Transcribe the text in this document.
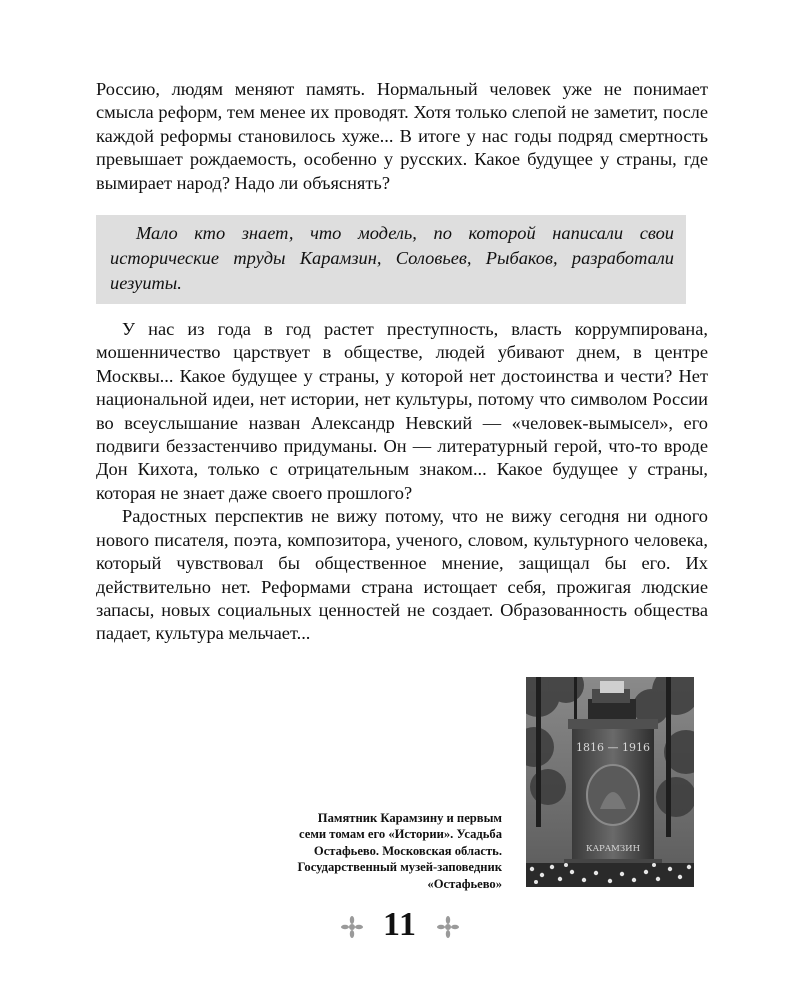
Россию, людям меняют память. Нормальный человек уже не понимает смысла реформ, тем менее их проводят. Хотя только слепой не заметит, после каждой реформы становилось хуже... В итоге у нас годы подряд смертность превышает рождаемость, особенно у русских. Какое будущее у страны, где вымирает народ? Надо ли объяснять?

Мало кто знает, что модель, по которой написали свои исторические труды Карамзин, Соловьев, Рыбаков, разработали иезуиты.

У нас из года в год растет преступность, власть коррумпирована, мошенничество царствует в обществе, людей убивают днем, в центре Москвы... Какое будущее у страны, у которой нет достоинства и чести? Нет национальной идеи, нет истории, нет культуры, потому что символом России во всеуслышание назван Александр Невский — «человек-вымысел», его подвиги беззастенчиво придуманы. Он — литературный герой, что-то вроде Дон Кихота, только с отрицательным знаком... Какое будущее у страны, которая не знает даже своего прошлого?

Радостных перспектив не вижу потому, что не вижу сегодня ни одного нового писателя, поэта, композитора, ученого, словом, культурного человека, который чувствовал бы общественное мнение, защищал бы его. Их действительно нет. Реформами страна истощает себя, прожигая людские запасы, новых социальных ценностей не создает. Образованность общества падает, культура мельчает...

1816 — 1916
КАРАМЗИН
Памятник Карамзину и первым
семи томам его «Истории». Усадьба
Остафьево. Московская область.
Государственный музей-заповедник
«Остафьево»
11
